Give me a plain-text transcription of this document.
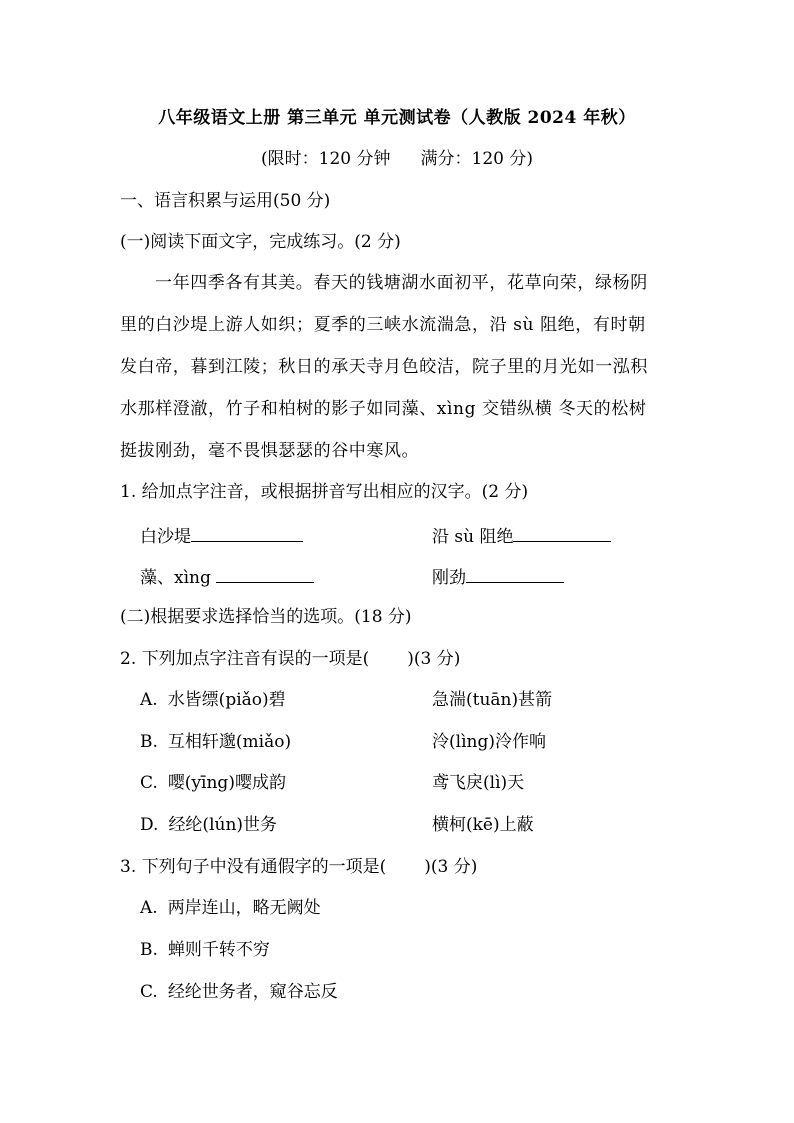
八年级语文上册 第三单元 单元测试卷（人教版 2024 年秋）
(限时：120 分钟 满分：120 分)
一、语言积累与运用(50 分)
(一)阅读下面文字，完成练习。(2 分)
一年四季各有其美。春天的钱塘湖水面初平，花草向荣，绿杨阴
里的白沙堤上游人如织；夏季的三峡水流湍急，沿 sù 阻绝，有时朝
发白帝，暮到江陵；秋日的承天寺月色皎洁，院子里的月光如一泓积
水那样澄澈，竹子和柏树的影子如同藻、xìng 交错纵横 冬天的松树
挺拔刚劲，毫不畏惧瑟瑟的谷中寒风。
1. 给加点字注音，或根据拼音写出相应的汉字。(2 分)
白沙堤	沿 sù 阻绝
藻、xìng	刚劲
(二)根据要求选择恰当的选项。(18 分)
2. 下列加点字注音有误的一项是( )(3 分)
A. 水皆缥(piǎo)碧	急湍(tuān)甚箭
B. 互相轩邈(miǎo)	泠(lìng)泠作响
C. 嘤(yīng)嘤成韵	鸢飞戾(lì)天
D. 经纶(lún)世务	横柯(kē)上蔽
3. 下列句子中没有通假字的一项是( )(3 分)
A. 两岸连山，略无阙处
B. 蝉则千转不穷
C. 经纶世务者，窥谷忘反
